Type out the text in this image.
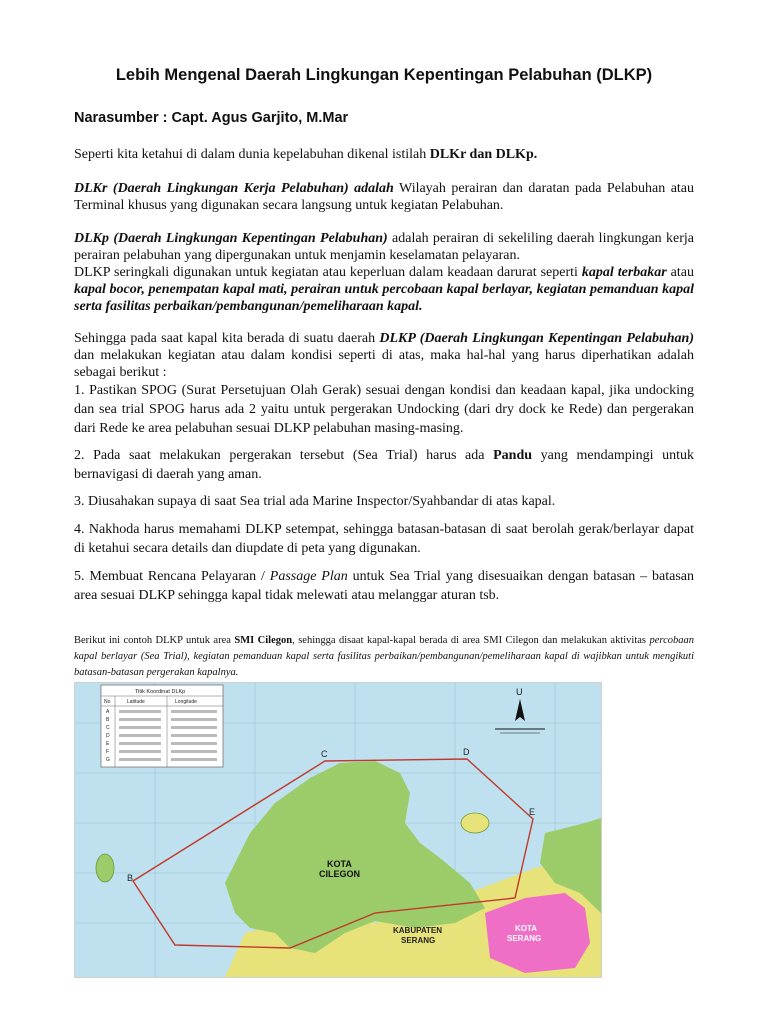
Lebih Mengenal Daerah Lingkungan Kepentingan Pelabuhan (DLKP)
Narasumber : Capt. Agus Garjito, M.Mar
Seperti kita ketahui di dalam dunia kepelabuhan dikenal istilah DLKr dan DLKp.
DLKr (Daerah Lingkungan Kerja Pelabuhan) adalah Wilayah perairan dan daratan pada Pelabuhan atau Terminal khusus yang digunakan secara langsung untuk kegiatan Pelabuhan.
DLKp (Daerah Lingkungan Kepentingan Pelabuhan) adalah perairan di sekeliling daerah lingkungan kerja perairan pelabuhan yang dipergunakan untuk menjamin keselamatan pelayaran.
DLKP seringkali digunakan untuk kegiatan atau keperluan dalam keadaan darurat seperti kapal terbakar atau kapal bocor, penempatan kapal mati, perairan untuk percobaan kapal berlayar, kegiatan pemanduan kapal serta fasilitas perbaikan/pembangunan/pemeliharaan kapal.
Sehingga pada saat kapal kita berada di suatu daerah DLKP (Daerah Lingkungan Kepentingan Pelabuhan) dan melakukan kegiatan atau dalam kondisi seperti di atas, maka hal-hal yang harus diperhatikan adalah sebagai berikut :
1. Pastikan SPOG (Surat Persetujuan Olah Gerak) sesuai dengan kondisi dan keadaan kapal, jika undocking dan sea trial SPOG harus ada 2 yaitu untuk pergerakan Undocking (dari dry dock ke Rede) dan pergerakan dari Rede ke area pelabuhan sesuai DLKP pelabuhan masing-masing.
2. Pada saat melakukan pergerakan tersebut (Sea Trial) harus ada Pandu yang mendampingi untuk bernavigasi di daerah yang aman.
3. Diusahakan supaya di saat Sea trial ada Marine Inspector/Syahbandar di atas kapal.
4. Nakhoda harus memahami DLKP setempat, sehingga batasan-batasan di saat berolah gerak/berlayar dapat di ketahui secara details dan diupdate di peta yang digunakan.
5. Membuat Rencana Pelayaran / Passage Plan untuk Sea Trial yang disesuaikan dengan batasan – batasan area sesuai DLKP sehingga kapal tidak melewati atau melanggar aturan tsb.
Berikut ini contoh DLKP untuk area SMI Cilegon, sehingga disaat kapal-kapal berada di area SMI Cilegon dan melakukan aktivitas percobaan kapal berlayar (Sea Trial), kegiatan pemanduan kapal serta fasilitas perbaikan/pembangunan/pemeliharaan kapal di wajibkan untuk mengikuti batasan-batasan pergerakan kapalnya.
B
C	D
E
KOTA
CILEGON
KABUPATEN
SERANG
KOTA
SERANG
Titik Koordinat DLKp
No	Latitude	Longitude
A
B
C
D
E
F
G
U
